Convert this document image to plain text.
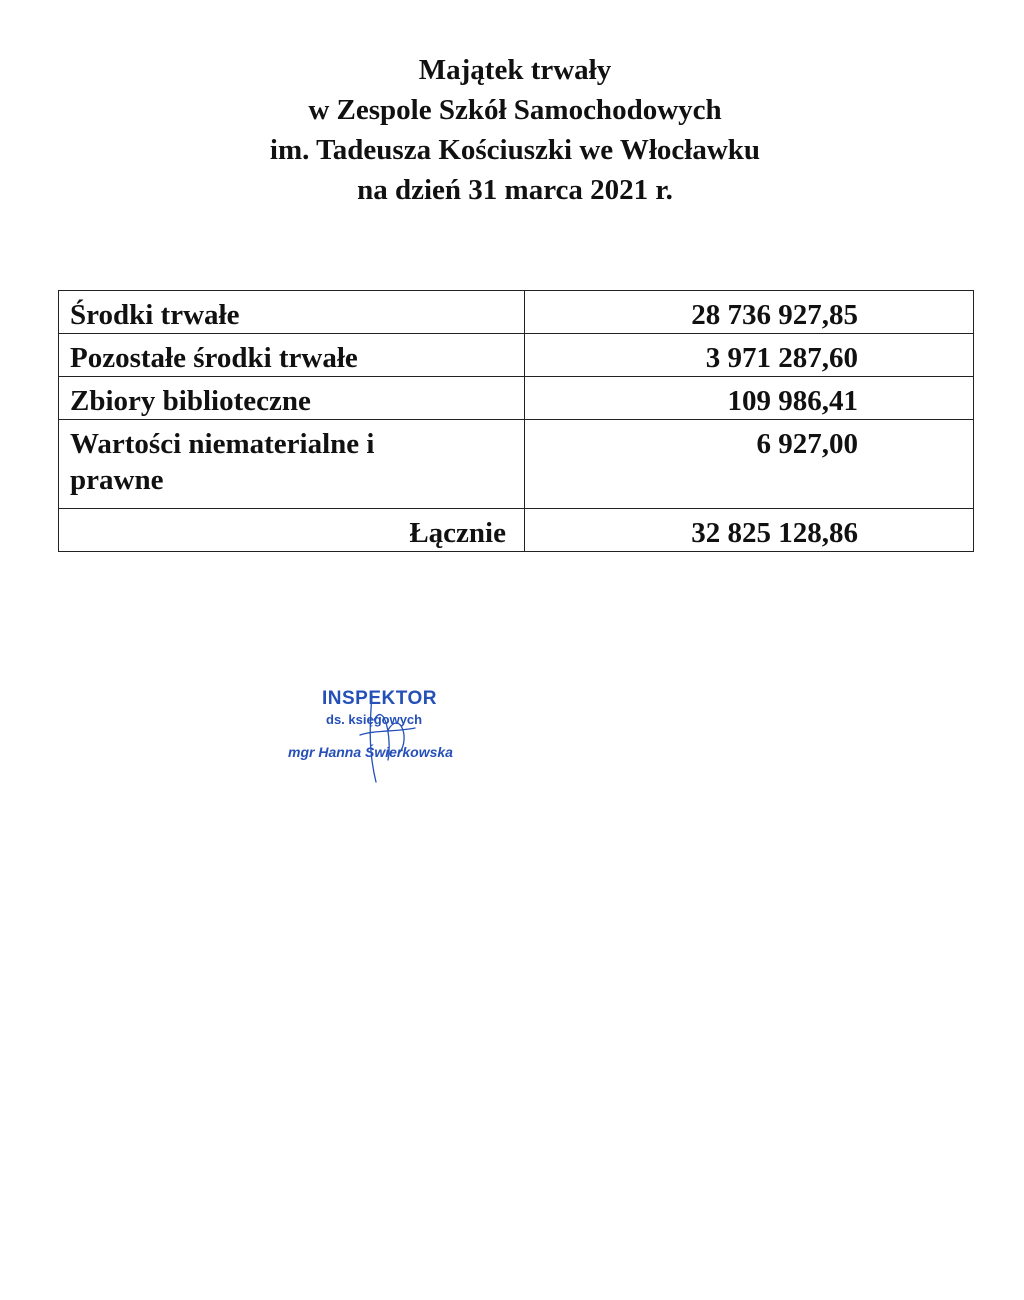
Majątek trwały
w Zespole Szkół Samochodowych
im. Tadeusza Kościuszki we Włocławku
na dzień 31 marca 2021 r.
Środki trwałe	28 736 927,85
Pozostałe środki trwałe	3 971 287,60
Zbiory biblioteczne	109 986,41
Wartości niematerialne i
prawne	6 927,00
Łącznie	32 825 128,86
INSPEKTOR
ds. księgowych
mgr Hanna Świerkowska
